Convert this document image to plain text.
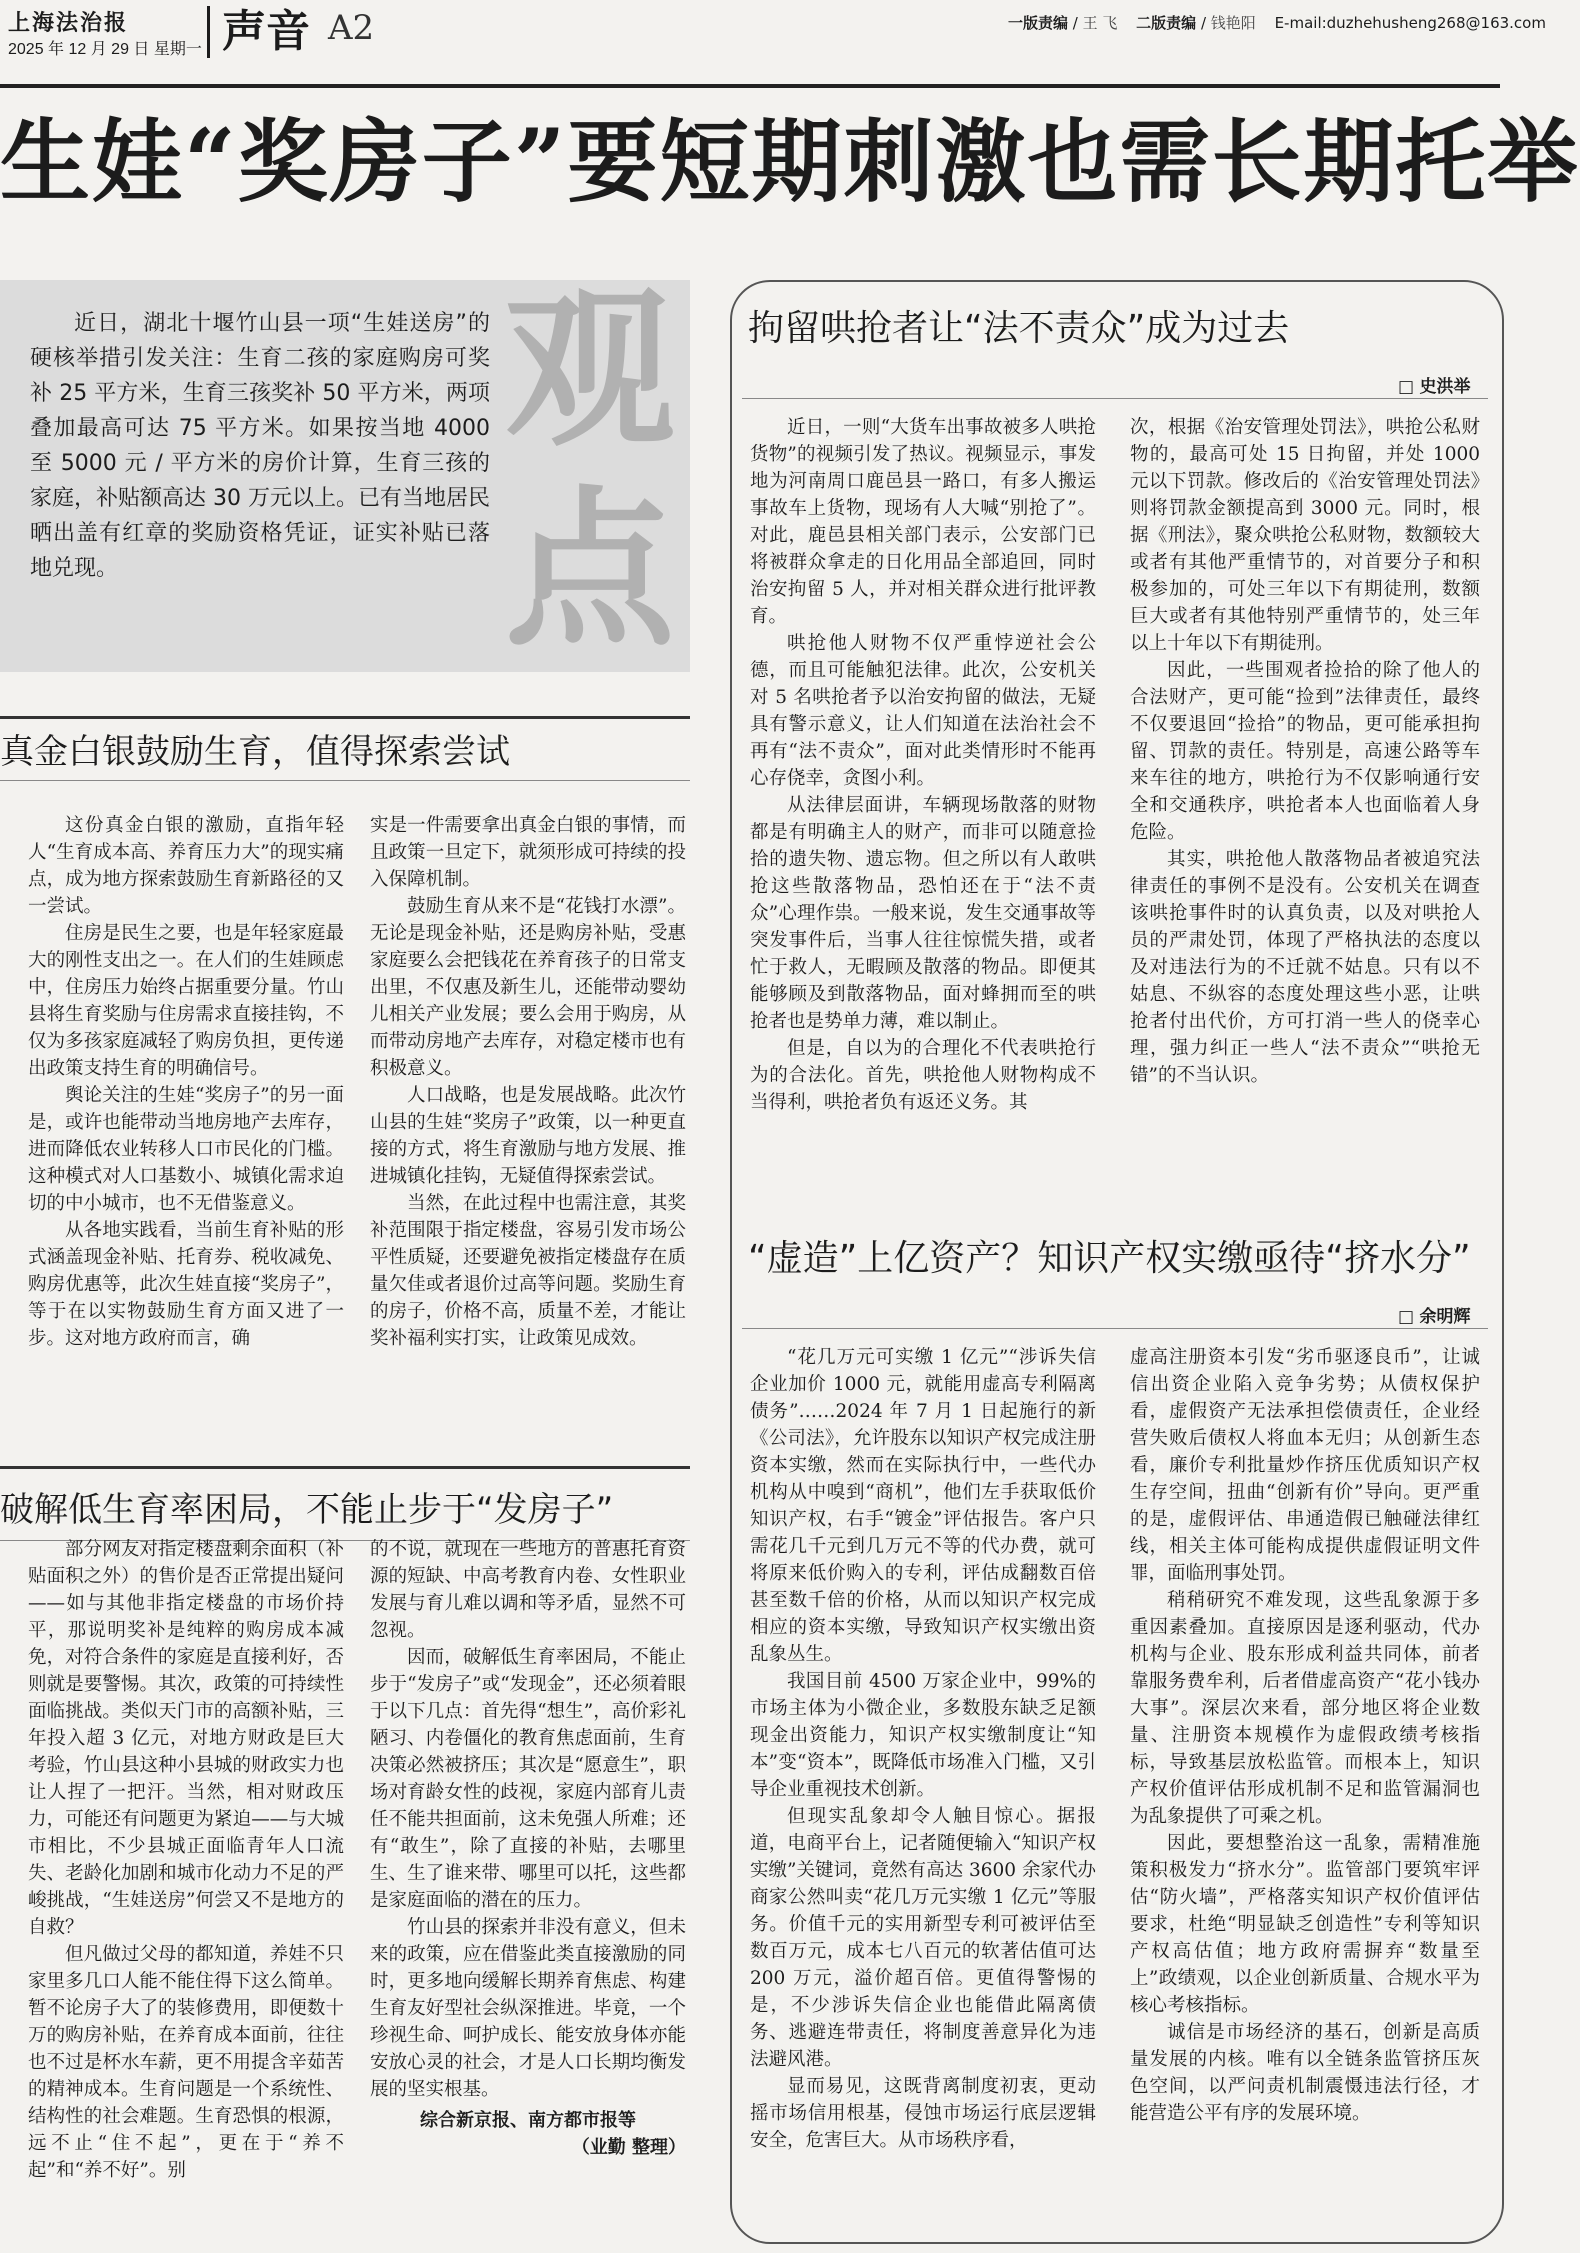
上海法治报
2025 年 12 月 29 日 星期一 声音 A2	一版责编 / 王 飞 二版责编 / 钱艳阳 E-mail:duzhehusheng268@163.com
生娃“奖房子”要短期刺激也需长期托举
观点
近日，湖北十堰竹山县一项“生娃送房”的硬核举措引发关注：生育二孩的家庭购房可奖补 25 平方米，生育三孩奖补 50 平方米，两项叠加最高可达 75 平方米。如果按当地 4000 至 5000 元 / 平方米的房价计算，生育三孩的家庭，补贴额高达 30 万元以上。已有当地居民晒出盖有红章的奖励资格凭证，证实补贴已落地兑现。
真金白银鼓励生育，值得探索尝试

这份真金白银的激励，直指年轻人“生育成本高、养育压力大”的现实痛点，成为地方探索鼓励生育新路径的又一尝试。

住房是民生之要，也是年轻家庭最大的刚性支出之一。在人们的生娃顾虑中，住房压力始终占据重要分量。竹山县将生育奖励与住房需求直接挂钩，不仅为多孩家庭减轻了购房负担，更传递出政策支持生育的明确信号。

舆论关注的生娃“奖房子”的另一面是，或许也能带动当地房地产去库存，进而降低农业转移人口市民化的门槛。这种模式对人口基数小、城镇化需求迫切的中小城市，也不无借鉴意义。

从各地实践看，当前生育补贴的形式涵盖现金补贴、托育券、税收减免、购房优惠等，此次生娃直接“奖房子”，等于在以实物鼓励生育方面又进了一步。这对地方政府而言，确

实是一件需要拿出真金白银的事情，而且政策一旦定下，就须形成可持续的投入保障机制。

鼓励生育从来不是“花钱打水漂”。无论是现金补贴，还是购房补贴，受惠家庭要么会把钱花在养育孩子的日常支出里，不仅惠及新生儿，还能带动婴幼儿相关产业发展；要么会用于购房，从而带动房地产去库存，对稳定楼市也有积极意义。

人口战略，也是发展战略。此次竹山县的生娃“奖房子”政策，以一种更直接的方式，将生育激励与地方发展、推进城镇化挂钩，无疑值得探索尝试。

当然，在此过程中也需注意，其奖补范围限于指定楼盘，容易引发市场公平性质疑，还要避免被指定楼盘存在质量欠佳或者退价过高等问题。奖励生育的房子，价格不高，质量不差，才能让奖补福利实打实，让政策见成效。

破解低生育率困局，不能止步于“发房子”

部分网友对指定楼盘剩余面积（补贴面积之外）的售价是否正常提出疑问——如与其他非指定楼盘的市场价持平，那说明奖补是纯粹的购房成本减免，对符合条件的家庭是直接利好，否则就是要警惕。其次，政策的可持续性面临挑战。类似天门市的高额补贴，三年投入超 3 亿元，对地方财政是巨大考验，竹山县这种小县城的财政实力也让人捏了一把汗。当然，相对财政压力，可能还有问题更为紧迫——与大城市相比，不少县城正面临青年人口流失、老龄化加剧和城市化动力不足的严峻挑战，“生娃送房”何尝又不是地方的自救？

但凡做过父母的都知道，养娃不只家里多几口人能不能住得下这么简单。暂不论房子大了的装修费用，即便数十万的购房补贴，在养育成本面前，往往也不过是杯水车薪，更不用提含辛茹苦的精神成本。生育问题是一个系统性、结构性的社会难题。生育恐惧的根源，远不止“住不起”，更在于“养不起”和“养不好”。别

的不说，就现在一些地方的普惠托育资源的短缺、中高考教育内卷、女性职业发展与育儿难以调和等矛盾，显然不可忽视。

因而，破解低生育率困局，不能止步于“发房子”或“发现金”，还必须着眼于以下几点：首先得“想生”，高价彩礼陋习、内卷僵化的教育焦虑面前，生育决策必然被挤压；其次是“愿意生”，职场对育龄女性的歧视，家庭内部育儿责任不能共担面前，这未免强人所难；还有“敢生”，除了直接的补贴，去哪里生、生了谁来带、哪里可以托，这些都是家庭面临的潜在的压力。

竹山县的探索并非没有意义，但未来的政策，应在借鉴此类直接激励的同时，更多地向缓解长期养育焦虑、构建生育友好型社会纵深推进。毕竟，一个珍视生命、呵护成长、能安放身体亦能安放心灵的社会，才是人口长期均衡发展的坚实根基。

综合新京报、南方都市报等
（业勤 整理）
拘留哄抢者让“法不责众”成为过去
□ 史洪举

近日，一则“大货车出事故被多人哄抢货物”的视频引发了热议。视频显示，事发地为河南周口鹿邑县一路口，有多人搬运事故车上货物，现场有人大喊“别抢了”。对此，鹿邑县相关部门表示，公安部门已将被群众拿走的日化用品全部追回，同时治安拘留 5 人，并对相关群众进行批评教育。

哄抢他人财物不仅严重悖逆社会公德，而且可能触犯法律。此次，公安机关对 5 名哄抢者予以治安拘留的做法，无疑具有警示意义，让人们知道在法治社会不再有“法不责众”，面对此类情形时不能再心存侥幸，贪图小利。

从法律层面讲，车辆现场散落的财物都是有明确主人的财产，而非可以随意捡拾的遗失物、遗忘物。但之所以有人敢哄抢这些散落物品，恐怕还在于“法不责众”心理作祟。一般来说，发生交通事故等突发事件后，当事人往往惊慌失措，或者忙于救人，无暇顾及散落的物品。即便其能够顾及到散落物品，面对蜂拥而至的哄抢者也是势单力薄，难以制止。

但是，自以为的合理化不代表哄抢行为的合法化。首先，哄抢他人财物构成不当得利，哄抢者负有返还义务。其

次，根据《治安管理处罚法》，哄抢公私财物的，最高可处 15 日拘留，并处 1000 元以下罚款。修改后的《治安管理处罚法》则将罚款金额提高到 3000 元。同时，根据《刑法》，聚众哄抢公私财物，数额较大或者有其他严重情节的，对首要分子和积极参加的，可处三年以下有期徒刑，数额巨大或者有其他特别严重情节的，处三年以上十年以下有期徒刑。

因此，一些围观者捡拾的除了他人的合法财产，更可能“捡到”法律责任，最终不仅要退回“捡拾”的物品，更可能承担拘留、罚款的责任。特别是，高速公路等车来车往的地方，哄抢行为不仅影响通行安全和交通秩序，哄抢者本人也面临着人身危险。

其实，哄抢他人散落物品者被追究法律责任的事例不是没有。公安机关在调查该哄抢事件时的认真负责，以及对哄抢人员的严肃处罚，体现了严格执法的态度以及对违法行为的不迁就不姑息。只有以不姑息、不纵容的态度处理这些小恶，让哄抢者付出代价，方可打消一些人的侥幸心理，强力纠正一些人“法不责众”“哄抢无错”的不当认识。

“虚造”上亿资产？知识产权实缴亟待“挤水分”
□ 余明辉

“花几万元可实缴 1 亿元”“涉诉失信企业加价 1000 元，就能用虚高专利隔离债务”……2024 年 7 月 1 日起施行的新《公司法》，允许股东以知识产权完成注册资本实缴，然而在实际执行中，一些代办机构从中嗅到“商机”，他们左手获取低价知识产权，右手“镀金”评估报告。客户只需花几千元到几万元不等的代办费，就可将原来低价购入的专利，评估成翻数百倍甚至数千倍的价格，从而以知识产权完成相应的资本实缴，导致知识产权实缴出资乱象丛生。

我国目前 4500 万家企业中，99%的市场主体为小微企业，多数股东缺乏足额现金出资能力，知识产权实缴制度让“知本”变“资本”，既降低市场准入门槛，又引导企业重视技术创新。

但现实乱象却令人触目惊心。据报道，电商平台上，记者随便输入“知识产权实缴”关键词，竟然有高达 3600 余家代办商家公然叫卖“花几万元实缴 1 亿元”等服务。价值千元的实用新型专利可被评估至数百万元，成本七八百元的软著估值可达 200 万元，溢价超百倍。更值得警惕的是，不少涉诉失信企业也能借此隔离债务、逃避连带责任，将制度善意异化为违法避风港。

显而易见，这既背离制度初衷，更动摇市场信用根基，侵蚀市场运行底层逻辑安全，危害巨大。从市场秩序看，

虚高注册资本引发“劣币驱逐良币”，让诚信出资企业陷入竞争劣势；从债权保护看，虚假资产无法承担偿债责任，企业经营失败后债权人将血本无归；从创新生态看，廉价专利批量炒作挤压优质知识产权生存空间，扭曲“创新有价”导向。更严重的是，虚假评估、串通造假已触碰法律红线，相关主体可能构成提供虚假证明文件罪，面临刑事处罚。

稍稍研究不难发现，这些乱象源于多重因素叠加。直接原因是逐利驱动，代办机构与企业、股东形成利益共同体，前者靠服务费牟利，后者借虚高资产“花小钱办大事”。深层次来看，部分地区将企业数量、注册资本规模作为虚假政绩考核指标，导致基层放松监管。而根本上，知识产权价值评估形成机制不足和监管漏洞也为乱象提供了可乘之机。

因此，要想整治这一乱象，需精准施策积极发力“挤水分”。监管部门要筑牢评估“防火墙”，严格落实知识产权价值评估要求，杜绝“明显缺乏创造性”专利等知识产权高估值；地方政府需摒弃“数量至上”政绩观，以企业创新质量、合规水平为核心考核指标。

诚信是市场经济的基石，创新是高质量发展的内核。唯有以全链条监管挤压灰色空间，以严问责机制震慑违法行径，才能营造公平有序的发展环境。
